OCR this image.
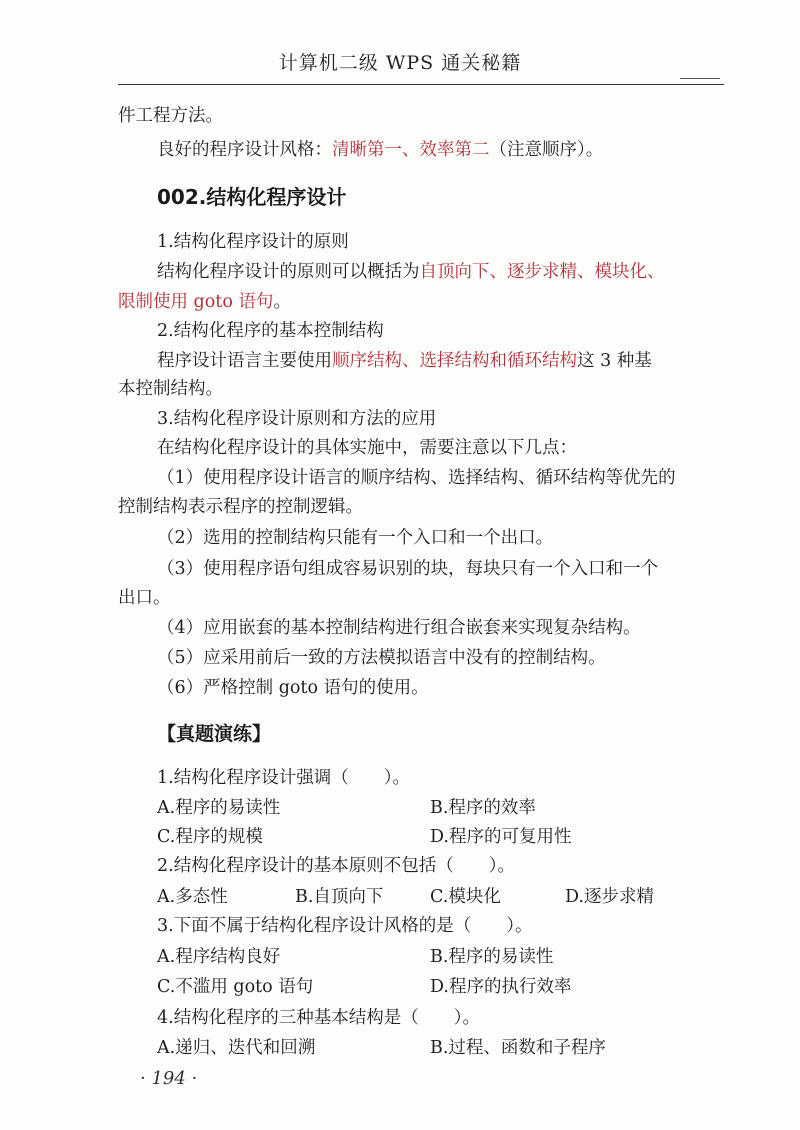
计算机二级 WPS 通关秘籍
件工程方法。
良好的程序设计风格：清晰第一、效率第二（注意顺序）。
002.结构化程序设计
1.结构化程序设计的原则
结构化程序设计的原则可以概括为自顶向下、逐步求精、模块化、
限制使用 goto 语句。
2.结构化程序的基本控制结构
程序设计语言主要使用顺序结构、选择结构和循环结构这 3 种基
本控制结构。
3.结构化程序设计原则和方法的应用
在结构化程序设计的具体实施中，需要注意以下几点：
（1）使用程序设计语言的顺序结构、选择结构、循环结构等优先的
控制结构表示程序的控制逻辑。
（2）选用的控制结构只能有一个入口和一个出口。
（3）使用程序语句组成容易识别的块，每块只有一个入口和一个
出口。
（4）应用嵌套的基本控制结构进行组合嵌套来实现复杂结构。
（5）应采用前后一致的方法模拟语言中没有的控制结构。
（6）严格控制 goto 语句的使用。
【真题演练】
1.结构化程序设计强调（　　）。
A.程序的易读性	B.程序的效率
C.程序的规模	D.程序的可复用性
2.结构化程序设计的基本原则不包括（　　）。
A.多态性	B.自顶向下	C.模块化	D.逐步求精
3.下面不属于结构化程序设计风格的是（　　）。
A.程序结构良好	B.程序的易读性
C.不滥用 goto 语句	D.程序的执行效率
4.结构化程序的三种基本结构是（　　）。
A.递归、迭代和回溯	B.过程、函数和子程序
· 194 ·
